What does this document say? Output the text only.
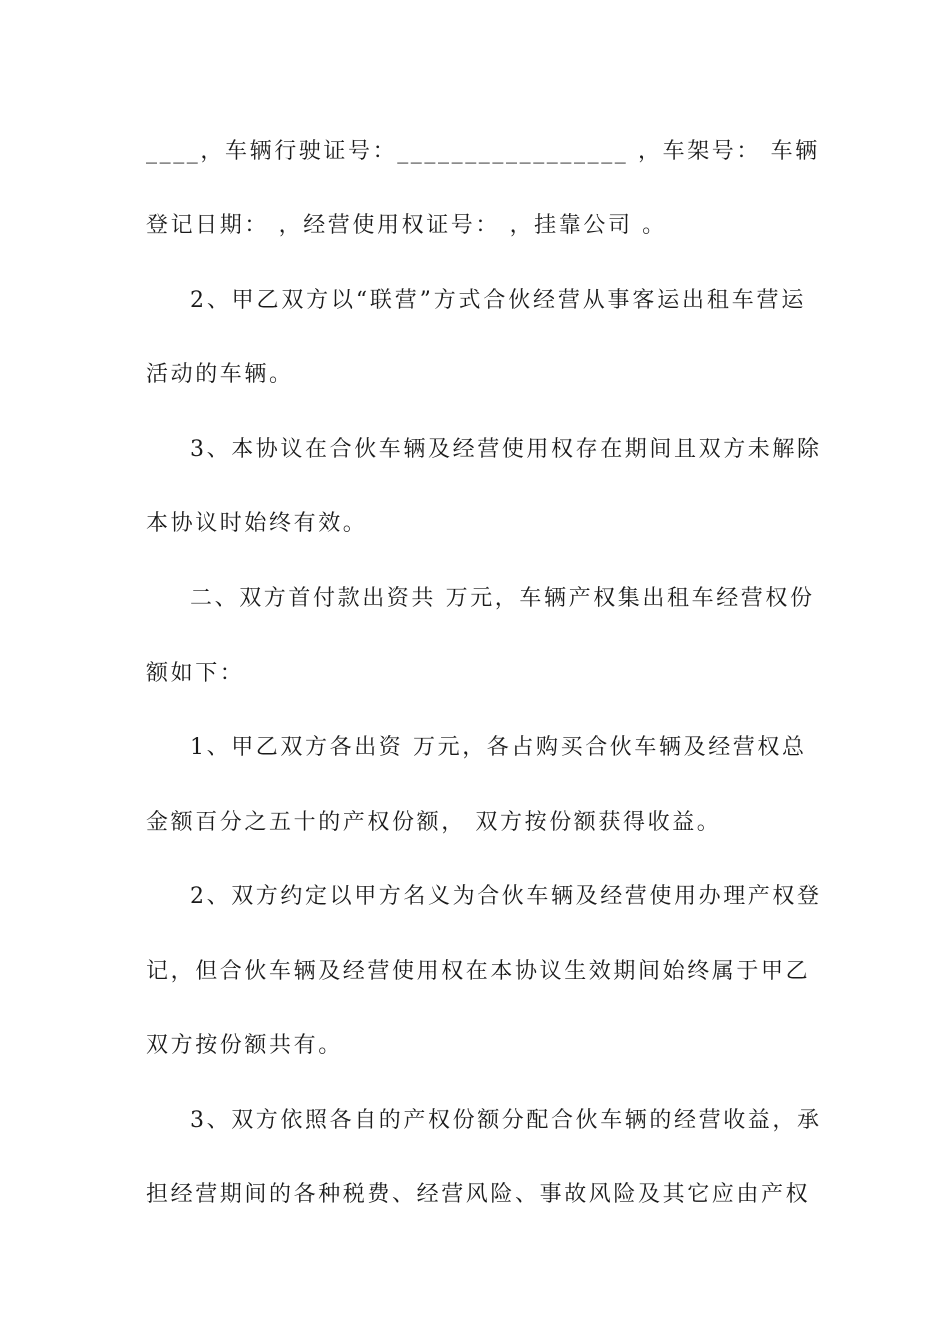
____，车辆行驶证号：_________________ ，车架号： 车辆
登记日期： ，经营使用权证号： ，挂靠公司 。
2、甲乙双方以“联营”方式合伙经营从事客运出租车营运
活动的车辆。
3、本协议在合伙车辆及经营使用权存在期间且双方未解除
本协议时始终有效。
二、双方首付款出资共 万元，车辆产权集出租车经营权份
额如下：
1、甲乙双方各出资 万元，各占购买合伙车辆及经营权总
金额百分之五十的产权份额， 双方按份额获得收益。
2、双方约定以甲方名义为合伙车辆及经营使用办理产权登
记，但合伙车辆及经营使用权在本协议生效期间始终属于甲乙
双方按份额共有。
3、双方依照各自的产权份额分配合伙车辆的经营收益，承
担经营期间的各种税费、经营风险、事故风险及其它应由产权
